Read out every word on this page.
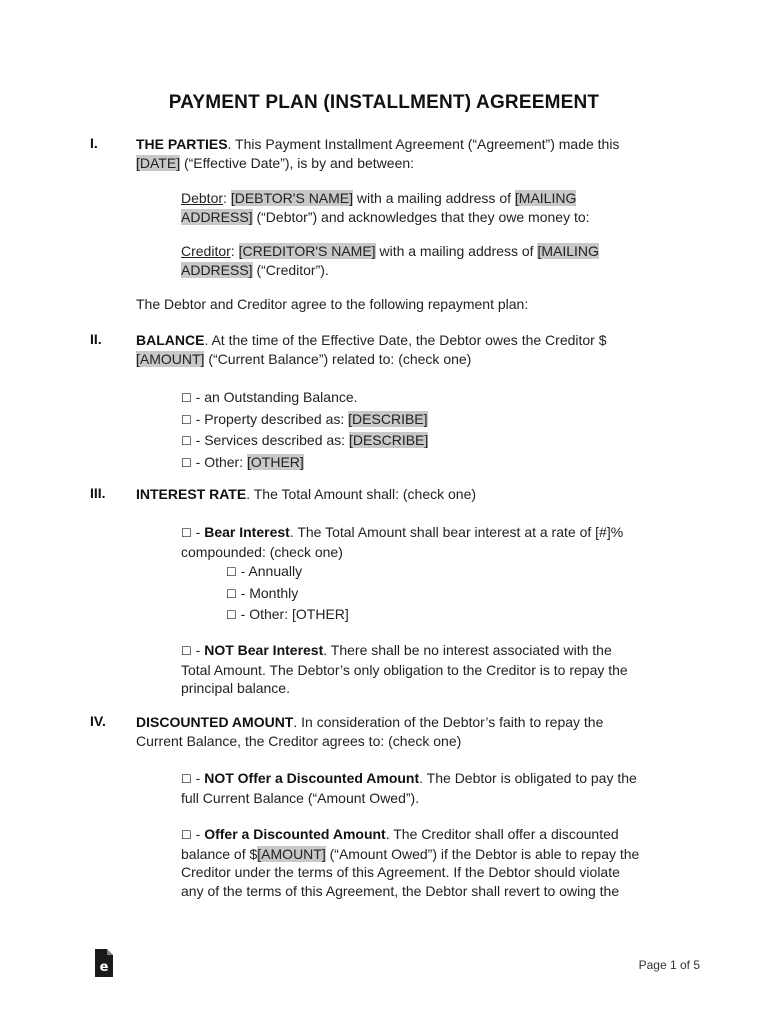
PAYMENT PLAN (INSTALLMENT) AGREEMENT
I.	THE PARTIES. This Payment Installment Agreement (“Agreement”) made this
[DATE] (“Effective Date”), is by and between:

Debtor: [DEBTOR'S NAME] with a mailing address of [MAILING
ADDRESS] (“Debtor”) and acknowledges that they owe money to:

Creditor: [CREDITOR'S NAME] with a mailing address of [MAILING
ADDRESS] (“Creditor”).

The Debtor and Creditor agree to the following repayment plan:

II. BALANCE. At the time of the Effective Date, the Debtor owes the Creditor $
[AMOUNT] (“Current Balance”) related to: (check one)

☐ - an Outstanding Balance.
☐ - Property described as: [DESCRIBE]
☐ - Services described as: [DESCRIBE]
☐ - Other: [OTHER]

III. INTEREST RATE. The Total Amount shall: (check one)

☐ - Bear Interest. The Total Amount shall bear interest at a rate of [#]%
compounded: (check one)

☐ - Annually
☐ - Monthly
☐ - Other: [OTHER]

☐ - NOT Bear Interest. There shall be no interest associated with the
Total Amount. The Debtor’s only obligation to the Creditor is to repay the
principal balance.

IV. DISCOUNTED AMOUNT. In consideration of the Debtor’s faith to repay the
Current Balance, the Creditor agrees to: (check one)

☐ - NOT Offer a Discounted Amount. The Debtor is obligated to pay the
full Current Balance (“Amount Owed”).

☐ - Offer a Discounted Amount. The Creditor shall offer a discounted
balance of $[AMOUNT] (“Amount Owed”) if the Debtor is able to repay the
Creditor under the terms of this Agreement. If the Debtor should violate
any of the terms of this Agreement, the Debtor shall revert to owing the

e	Page 1 of 5
